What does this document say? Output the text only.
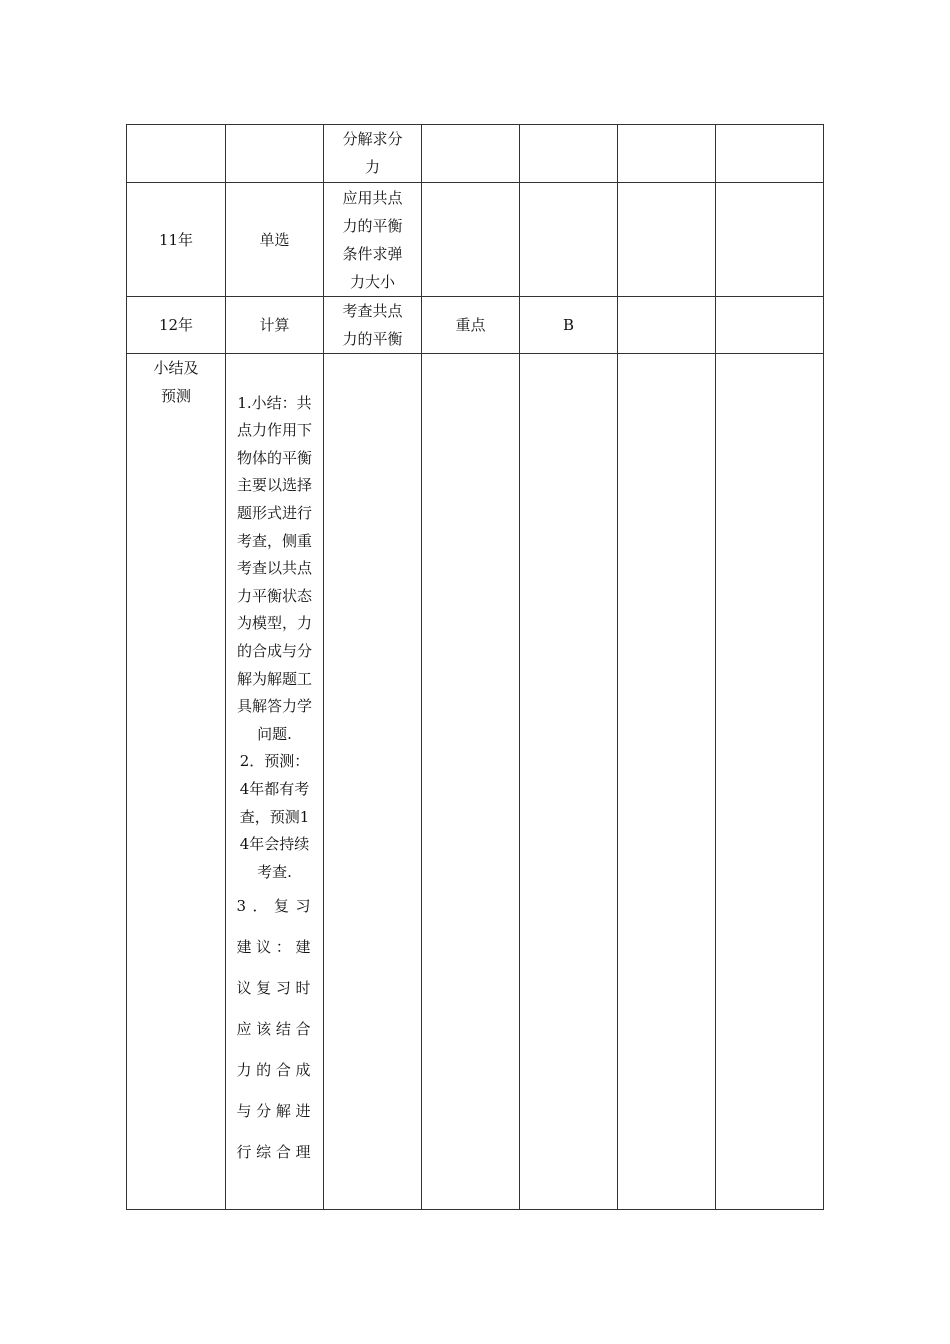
		分解求分力				

11年	单选	应用共点力的平衡条件求弹力大小				

12年	计算	考查共点力的平衡	重点	B		

小结及预测	1.小结：共点力作用下物体的平衡主要以选择题形式进行考查，侧重考查以共点力平衡状态为模型，力的合成与分解为解题工具解答力学问题.
2．预测：4年都有考查，预测14年会持续考查.
3．复习建议：建议复习时应该结合力的合成与分解进行综合理					
